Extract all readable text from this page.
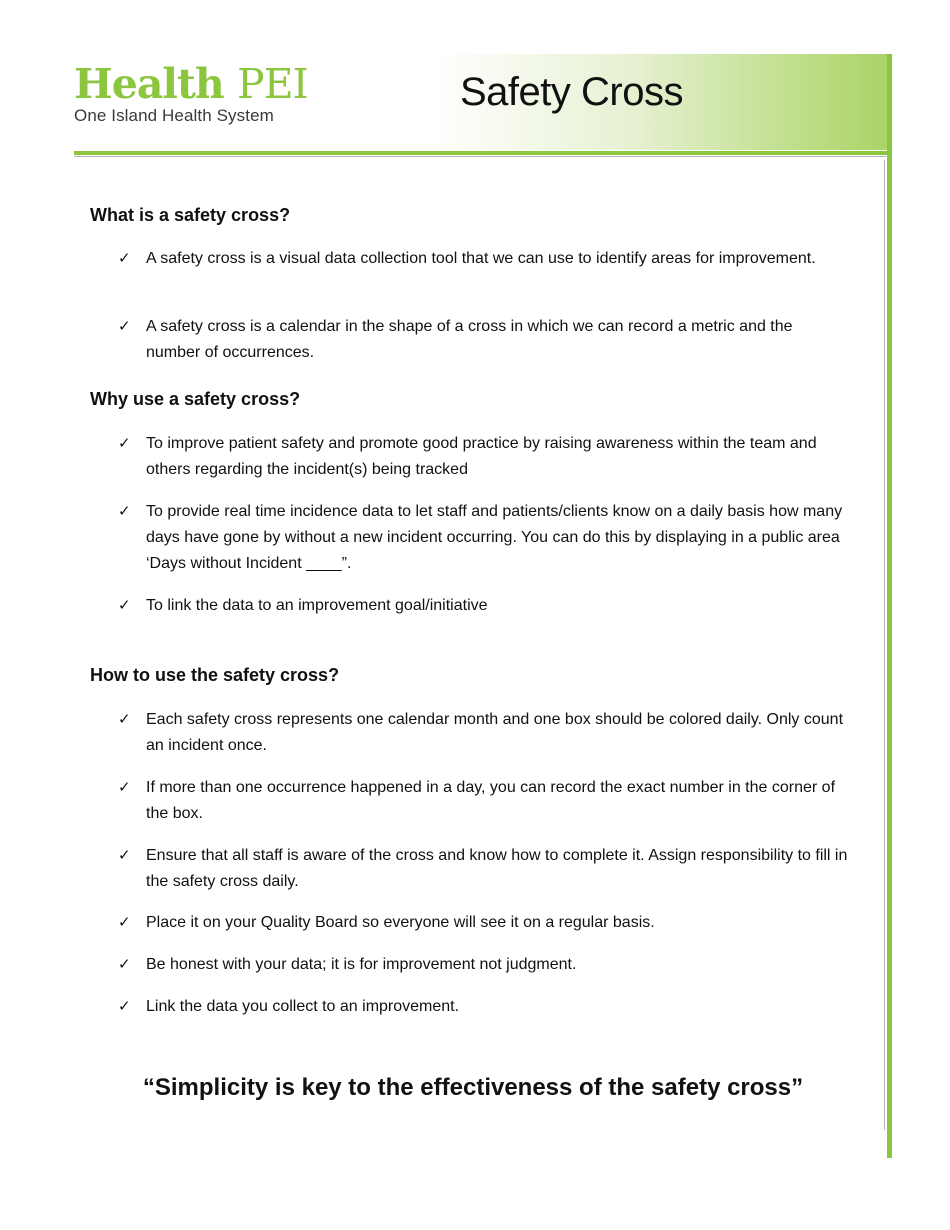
Health PEI
One Island Health System
Safety Cross
What is a safety cross?
✓ A safety cross is a visual data collection tool that we can use to identify areas for improvement.
✓ A safety cross is a calendar in the shape of a cross in which we can record a metric and the number of occurrences.
Why use a safety cross?
✓ To improve patient safety and promote good practice by raising awareness within the team and others regarding the incident(s) being tracked
✓ To provide real time incidence data to let staff and patients/clients know on a daily basis how many days have gone by without a new incident occurring. You can do this by displaying in a public area ‘Days without Incident ____”.
✓ To link the data to an improvement goal/initiative
How to use the safety cross?
✓ Each safety cross represents one calendar month and one box should be colored daily. Only count an incident once.
✓ If more than one occurrence happened in a day, you can record the exact number in the corner of the box.
✓ Ensure that all staff is aware of the cross and know how to complete it. Assign responsibility to fill in the safety cross daily.
✓ Place it on your Quality Board so everyone will see it on a regular basis.
✓ Be honest with your data; it is for improvement not judgment.
✓ Link the data you collect to an improvement.
“Simplicity is key to the effectiveness of the safety cross”
